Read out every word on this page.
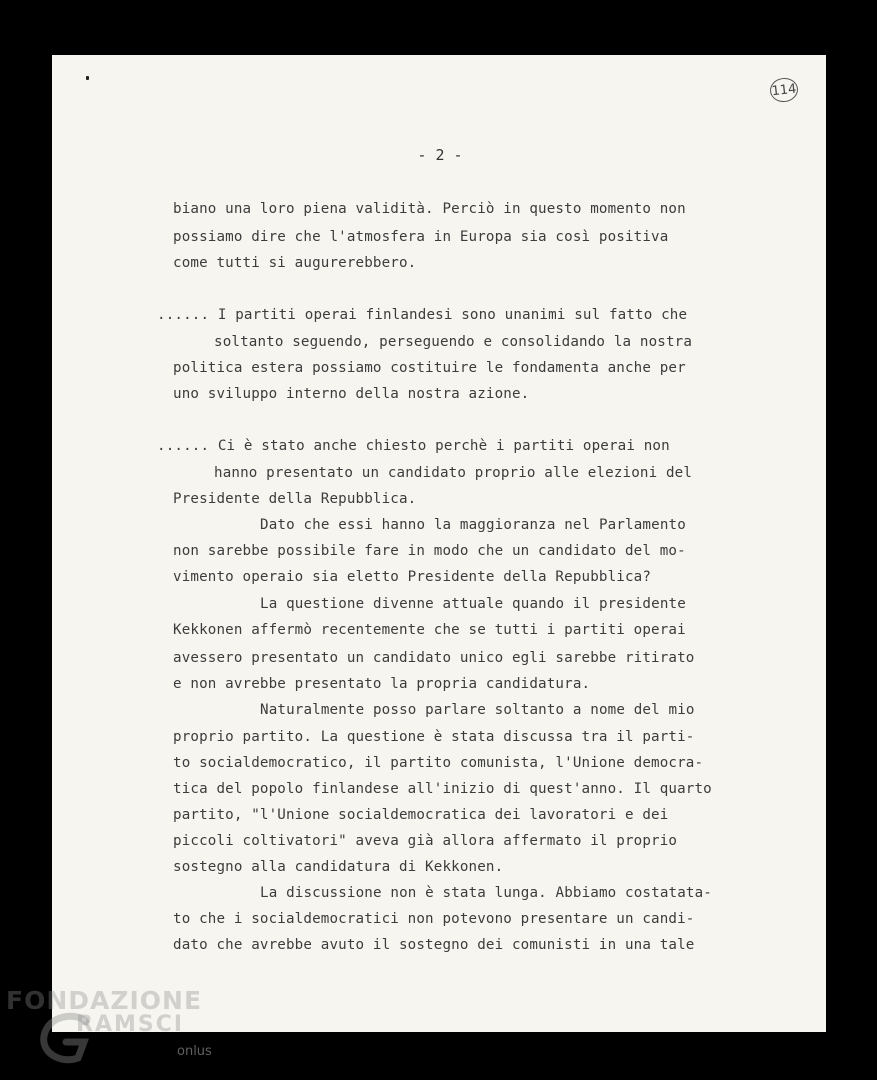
114
- 2 -
biano una loro piena validità. Perciò in questo momento non
possiamo dire che l'atmosfera in Europa sia così positiva
come tutti si augurerebbero.
...... I partiti operai finlandesi sono unanimi sul fatto che
soltanto seguendo, perseguendo e consolidando la nostra
politica estera possiamo costituire le fondamenta anche per
uno sviluppo interno della nostra azione.
...... Ci è stato anche chiesto perchè i partiti operai non
hanno presentato un candidato proprio alle elezioni del
Presidente della Repubblica.
Dato che essi hanno la maggioranza nel Parlamento
non sarebbe possibile fare in modo che un candidato del mo-
vimento operaio sia eletto Presidente della Repubblica?
La questione divenne attuale quando il presidente
Kekkonen affermò recentemente che se tutti i partiti operai
avessero presentato un candidato unico egli sarebbe ritirato
e non avrebbe presentato la propria candidatura.
Naturalmente posso parlare soltanto a nome del mio
proprio partito. La questione è stata discussa tra il parti-
to socialdemocratico, il partito comunista, l'Unione democra-
tica del popolo finlandese all'inizio di quest'anno. Il quarto
partito, "l'Unione socialdemocratica dei lavoratori e dei
piccoli coltivatori" aveva già allora affermato il proprio
sostegno alla candidatura di Kekkonen.
La discussione non è stata lunga. Abbiamo costatata-
to che i socialdemocratici non potevono presentare un candi-
dato che avrebbe avuto il sostegno dei comunisti in una tale
FONDAZIONE
RAMSCI
onlus
